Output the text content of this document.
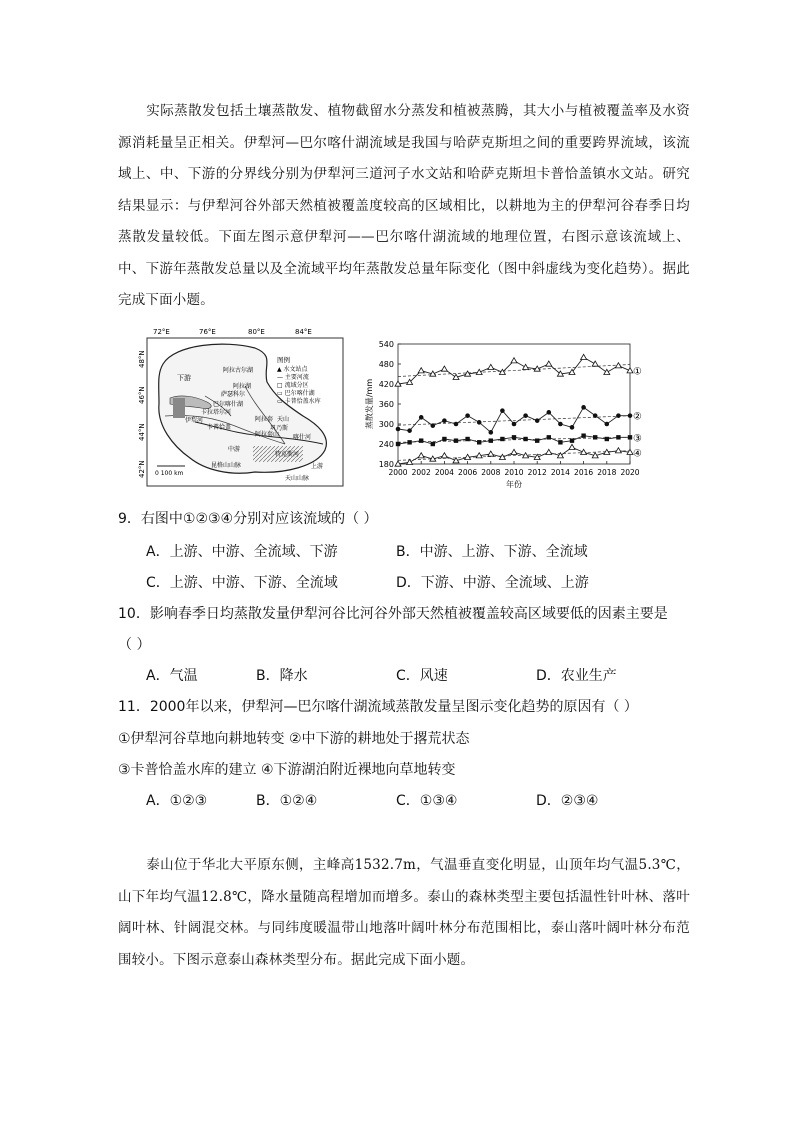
实际蒸散发包括土壤蒸散发、植物截留水分蒸发和植被蒸腾，其大小与植被覆盖率及水资源消耗量呈正相关。伊犁河—巴尔喀什湖流域是我国与哈萨克斯坦之间的重要跨界流域，该流域上、中、下游的分界线分别为伊犁河三道河子水文站和哈萨克斯坦卡普恰盖镇水文站。研究结果显示：与伊犁河谷外部天然植被覆盖度较高的区域相比，以耕地为主的伊犁河谷春季日均蒸散发量较低。下面左图示意伊犁河——巴尔喀什湖流域的地理位置，右图示意该流域上、中、下游年蒸散发总量以及全流域平均年蒸散发总量年际变化（图中斜虚线为变化趋势）。据此完成下面小题。

72°E	76°E	80°E	84°E
48°N
46°N
44°N
42°N
图例
▲ 水文站点
— 主要河流
□ 流域分区
▭ 巴尔喀什湖
▭ 卡普恰盖水库
下游
阿拉古尔湖
阿拉湖
萨瑟科尔
巴尔喀什湖
卡拉塔尔河
伊犁河
卡普恰盖
中游
上游
阿拉套山
巩乃斯
天山
昆格山山脉
喀什河
特克斯河
天山山脉
阿拉套
0 100 km
180
240
300
360
420
480
540
2000 2002 2004 2006 2008 2010 2012 2014 2016 2018 2020
蒸散发量/mm
年份
①
②
③
④

9．右图中①②③④分别对应该流域的（ ）

A．上游、中游、全流域、下游	B．中游、上游、下游、全流域

C．上游、中游、下游、全流域	D．下游、中游、全流域、上游

10．影响春季日均蒸散发量伊犁河谷比河谷外部天然植被覆盖较高区域要低的因素主要是

（ ）

A．气温	B．降水	C．风速	D．农业生产

11．2000年以来，伊犁河—巴尔喀什湖流域蒸散发量呈图示变化趋势的原因有（ ）

①伊犁河谷草地向耕地转变 ②中下游的耕地处于撂荒状态

③卡普恰盖水库的建立 ④下游湖泊附近裸地向草地转变

A．①②③	B．①②④	C．①③④	D．②③④

泰山位于华北大平原东侧，主峰高1532.7m，气温垂直变化明显，山顶年均气温5.3℃，山下年均气温12.8℃，降水量随高程增加而增多。泰山的森林类型主要包括温性针叶林、落叶阔叶林、针阔混交林。与同纬度暖温带山地落叶阔叶林分布范围相比，泰山落叶阔叶林分布范围较小。下图示意泰山森林类型分布。据此完成下面小题。
